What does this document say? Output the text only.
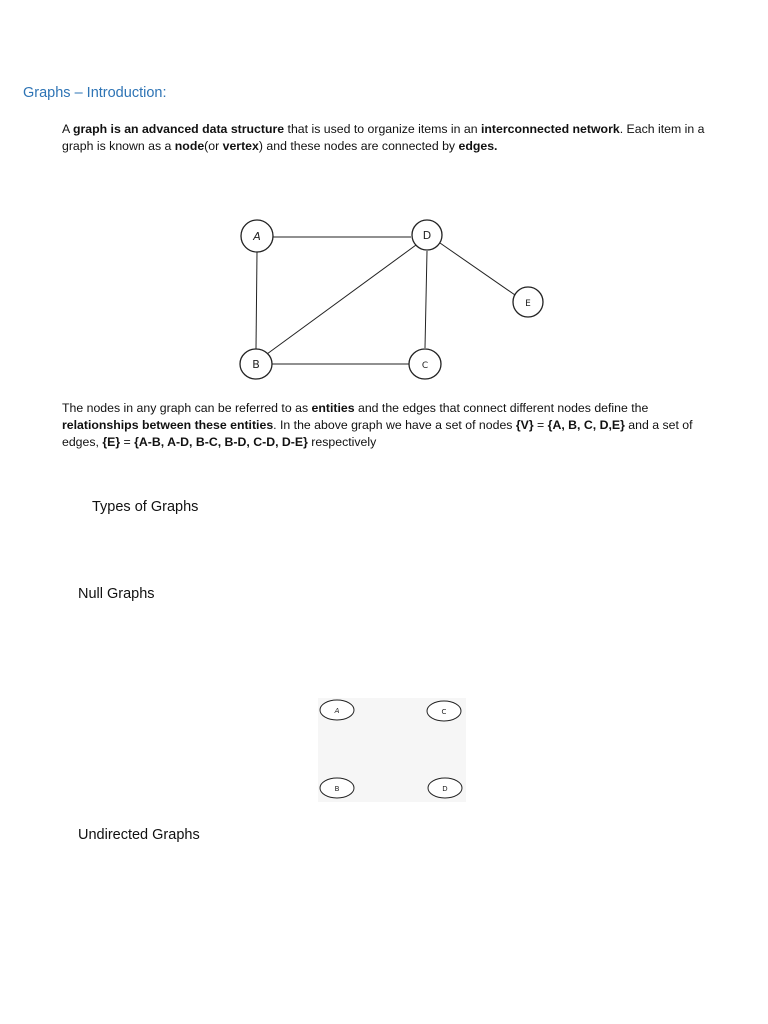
Graphs – Introduction:
A graph is an advanced data structure that is used to organize items in an interconnected network. Each item in a graph is known as a node(or vertex) and these nodes are connected by edges.
A	D
E
B	C
The nodes in any graph can be referred to as entities and the edges that connect different nodes define the relationships between these entities. In the above graph we have a set of nodes {V} = {A, B, C, D,E} and a set of edges, {E} = {A-B, A-D, B-C, B-D, C-D, D-E} respectively
Types of Graphs
Null Graphs
A	C
B	D
Undirected Graphs
